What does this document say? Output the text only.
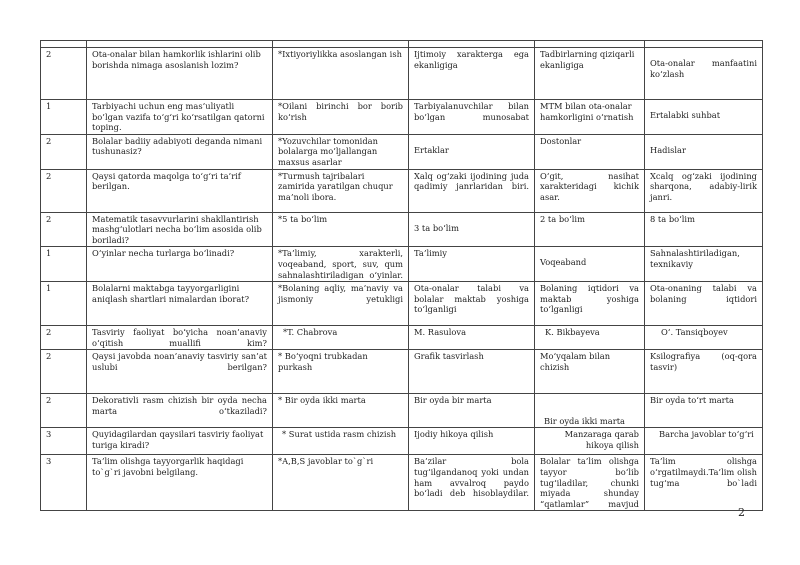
2	Ota-onalar bilan hamkorlik ishlarini olib borishda nimaga asoslanish lozim?	*Ixtiyoriylikka asoslangan ish	Ijtimoiy xarakterga ega ekanligiga	Tadbirlarning qiziqarli ekanligiga	Ota-onalar manfaatini ko‘zlash
1	Tarbiyachi uchun eng mas’uliyatli bo’lgan vazifa to‘g‘ri ko‘rsatilgan qatorni toping.	*Oilani birinchi bor borib ko‘rish	Tarbiyalanuvchilar bilan bo’lgan munosabat	MTM bilan ota-onalar hamkorligini o‘rnatish	Ertalabki suhbat
2	Bolalar badiiy adabiyoti deganda nimani tushunasiz?	*Yozuvchilar tomonidan bolalarga mo’ljallangan maxsus asarlar	Ertaklar	Dostonlar	Hadislar
2	Qaysi qatorda maqolga to‘g‘ri ta’rif berilgan.	*Turmush tajribalari zamirida yaratilgan chuqur ma’noli ibora.	Xalq og‘zaki ijodining juda qadimiy janrlaridan biri.	O‘git, nasihat xarakteridagi kichik asar.	Xcalq og‘zaki ijodining sharqona, adabiy-lirik janri.
2	Matematik tasavvurlarini shakllantirish mashg‘ulotlari necha bo‘lim asosida olib boriladi?	*5 ta bo‘lim	3 ta bo‘lim	2 ta bo‘lim	8 ta bo‘lim
1	O‘yinlar necha turlarga bo‘linadi?	*Ta’limiy, xarakterli, voqeaband, sport, suv, qum sahnalashtiriladigan o‘yinlar.	Ta’limiy	Voqeaband	Sahnalashtiriladigan, texnikaviy
1	Bolalarni maktabga tayyorgarligini aniqlash shartlari nimalardan iborat?	*Bolaning aqliy, ma’naviy va jismoniy yetukligi	Ota-onalar talabi va bolalar maktab yoshiga to‘lganligi	Bolaning iqtidori va maktab yoshiga to‘lganligi	Ota-onaning talabi va bolaning iqtidori
2	Tasviriy faoliyat bo‘yicha noan’anaviy o‘qitish muallifi kim?	*T. Chabrova	M. Rasulova	K. Bikbayeva	O‘. Tansiqboyev
2	Qaysi javobda noan’anaviy tasviriy san’at uslubi berilgan?	* Bo‘yoqni trubkadan purkash	Grafik tasvirlash	Mo‘yqalam bilan chizish	Ksilografiya (oq-qora tasvir)
2	Dekorativli rasm chizish bir oyda necha marta o‘tkaziladi?	* Bir oyda ikki marta	Bir oyda bir marta	Bir oyda ikki marta	Bir oyda to‘rt marta
3	Quyidagilardan qaysilari tasviriy faoliyat turiga kiradi?	* Surat ustida rasm chizish	Ijodiy hikoya qilish	Manzaraga qarab hikoya qilish	Barcha javoblar to‘g‘ri
3	Ta’lim olishga tayyorgarlik haqidagi to`g`ri javobni belgilang.	*A,B,S javoblar to`g`ri	Ba’zilar bola tug‘ilgandanoq yoki undan ham avvalroq paydo bo‘ladi deb hisoblaydilar.	Bolalar ta’lim olishga tayyor bo‘lib tug‘iladilar, chunki miyada shunday “qatlamlar” mavjud	Ta’lim olishga o‘rgatilmaydi.Ta’lim olish tug‘ma bo`ladi
2
